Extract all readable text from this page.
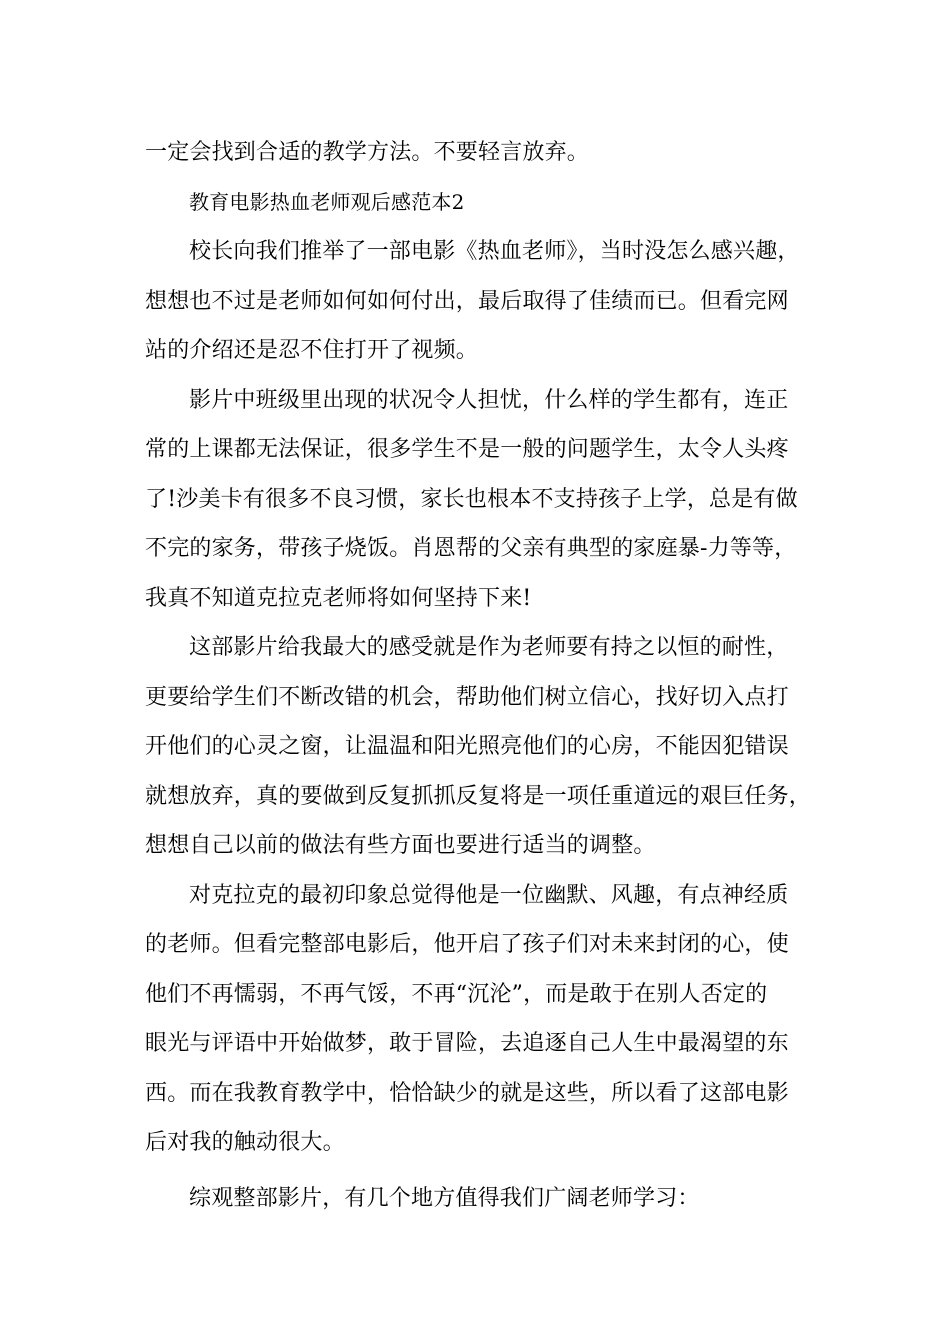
一定会找到合适的教学方法。不要轻言放弃。
教育电影热血老师观后感范本2
校长向我们推举了一部电影《热血老师》，当时没怎么感兴趣，
想想也不过是老师如何如何付出，最后取得了佳绩而已。但看完网
站的介绍还是忍不住打开了视频。
影片中班级里出现的状况令人担忧，什么样的学生都有，连正
常的上课都无法保证，很多学生不是一般的问题学生，太令人头疼
了!沙美卡有很多不良习惯，家长也根本不支持孩子上学，总是有做
不完的家务，带孩子烧饭。肖恩帮的父亲有典型的家庭暴-力等等，
我真不知道克拉克老师将如何坚持下来!
这部影片给我最大的感受就是作为老师要有持之以恒的耐性，
更要给学生们不断改错的机会，帮助他们树立信心，找好切入点打
开他们的心灵之窗，让温温和阳光照亮他们的心房，不能因犯错误
就想放弃，真的要做到反复抓抓反复将是一项任重道远的艰巨任务，
想想自己以前的做法有些方面也要进行适当的调整。
对克拉克的最初印象总觉得他是一位幽默、风趣，有点神经质
的老师。但看完整部电影后，他开启了孩子们对未来封闭的心，使
他们不再懦弱，不再气馁，不再“沉沦”，而是敢于在别人否定的
眼光与评语中开始做梦，敢于冒险，去追逐自己人生中最渴望的东
西。而在我教育教学中，恰恰缺少的就是这些，所以看了这部电影
后对我的触动很大。
综观整部影片，有几个地方值得我们广阔老师学习：
